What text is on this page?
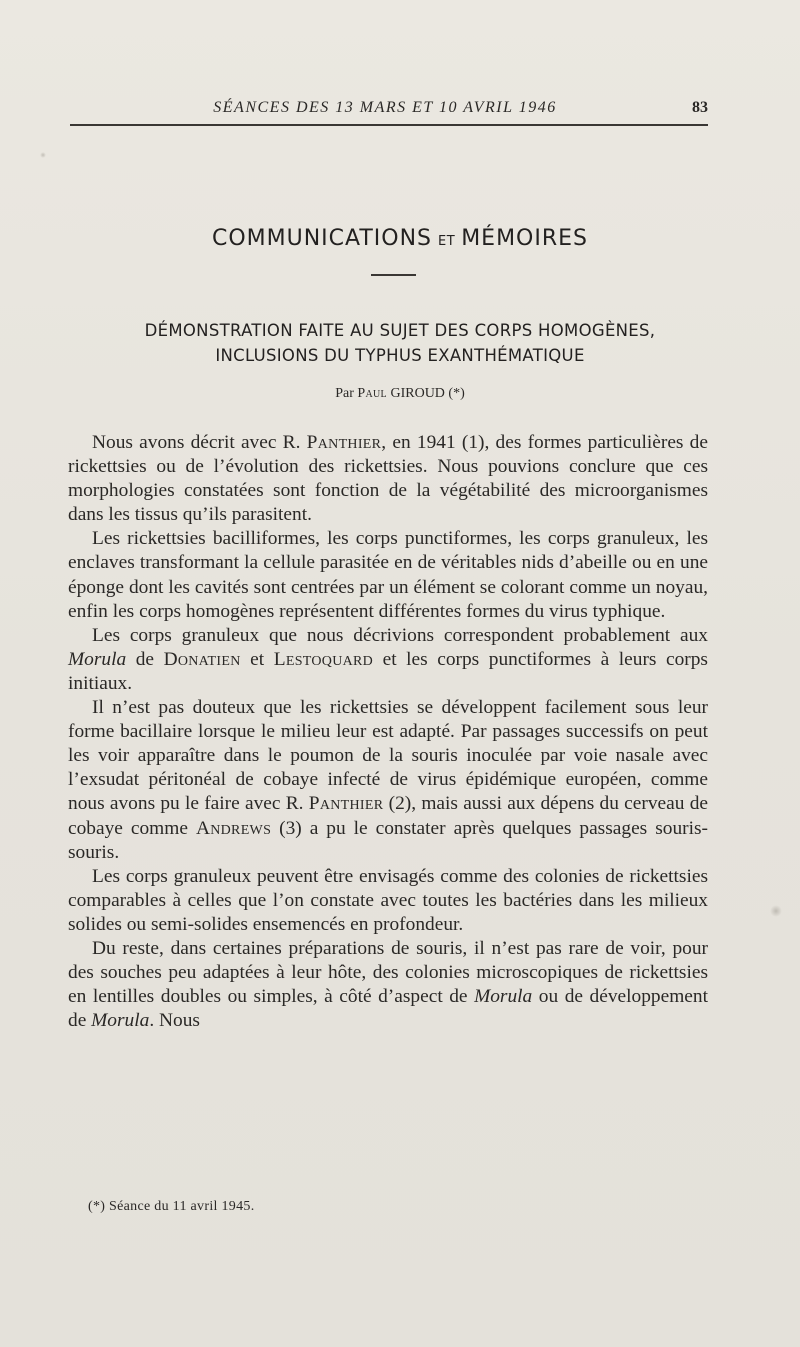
SÉANCES DES 13 MARS ET 10 AVRIL 1946	83
COMMUNICATIONS ET MÉMOIRES
DÉMONSTRATION FAITE AU SUJET DES CORPS HOMOGÈNES,
INCLUSIONS DU TYPHUS EXANTHÉMATIQUE
Par Paul GIROUD (*)

Nous avons décrit avec R. Panthier, en 1941 (1), des formes particulières de rickettsies ou de l’évolution des rickettsies. Nous pouvions conclure que ces morphologies constatées sont fonction de la végétabilité des microorganismes dans les tissus qu’ils parasitent.

Les rickettsies bacilliformes, les corps punctiformes, les corps granuleux, les enclaves transformant la cellule parasitée en de véritables nids d’abeille ou en une éponge dont les cavités sont centrées par un élément se colorant comme un noyau, enfin les corps homogènes représentent différentes formes du virus typhique.

Les corps granuleux que nous décrivions correspondent probablement aux Morula de Donatien et Lestoquard et les corps punctiformes à leurs corps initiaux.

Il n’est pas douteux que les rickettsies se développent facilement sous leur forme bacillaire lorsque le milieu leur est adapté. Par passages successifs on peut les voir apparaître dans le poumon de la souris inoculée par voie nasale avec l’exsudat péritonéal de cobaye infecté de virus épidémique européen, comme nous avons pu le faire avec R. Panthier (2), mais aussi aux dépens du cerveau de cobaye comme Andrews (3) a pu le constater après quelques passages souris-souris.

Les corps granuleux peuvent être envisagés comme des colonies de rickettsies comparables à celles que l’on constate avec toutes les bactéries dans les milieux solides ou semi-solides ensemencés en profondeur.

Du reste, dans certaines préparations de souris, il n’est pas rare de voir, pour des souches peu adaptées à leur hôte, des colonies microscopiques de rickettsies en lentilles doubles ou simples, à côté d’aspect de Morula ou de développement de Morula. Nous

(*) Séance du 11 avril 1945.
